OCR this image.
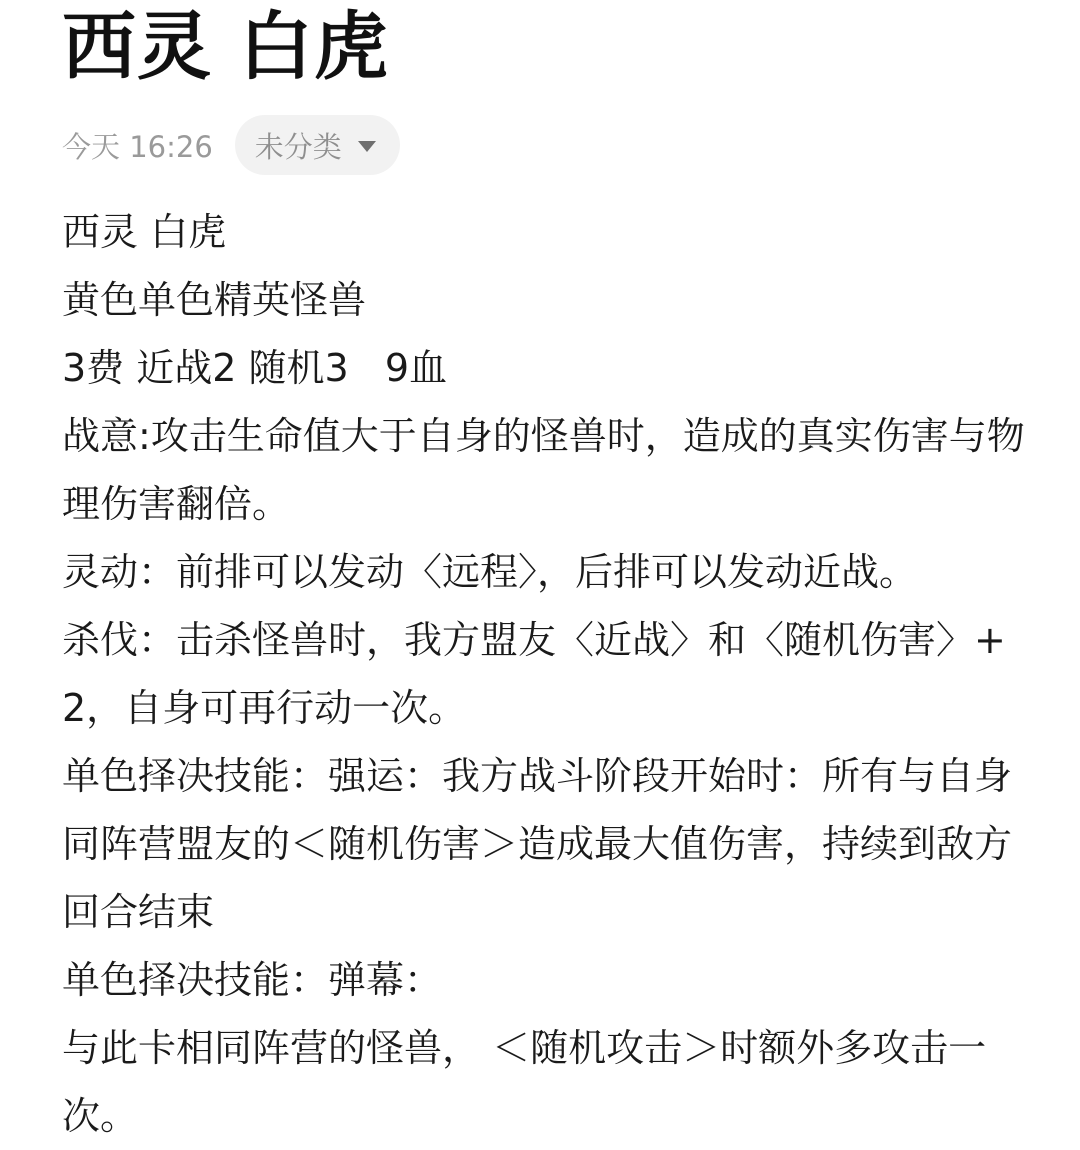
西灵 白虎
今天 16:26 未分类
西灵 白虎
黄色单色精英怪兽
3费 近战2 随机3   9血
战意:攻击生命值大于自身的怪兽时，造成的真实伤害与物理伤害翻倍。
灵动：前排可以发动〈远程〉，后排可以发动近战。
杀伐：击杀怪兽时，我方盟友〈近战〉和〈随机伤害〉+2，自身可再行动一次。
单色择决技能：强运：我方战斗阶段开始时：所有与自身同阵营盟友的＜随机伤害＞造成最大值伤害，持续到敌方回合结束
单色择决技能：弹幕：
与此卡相同阵营的怪兽， ＜随机攻击＞时额外多攻击一次。
